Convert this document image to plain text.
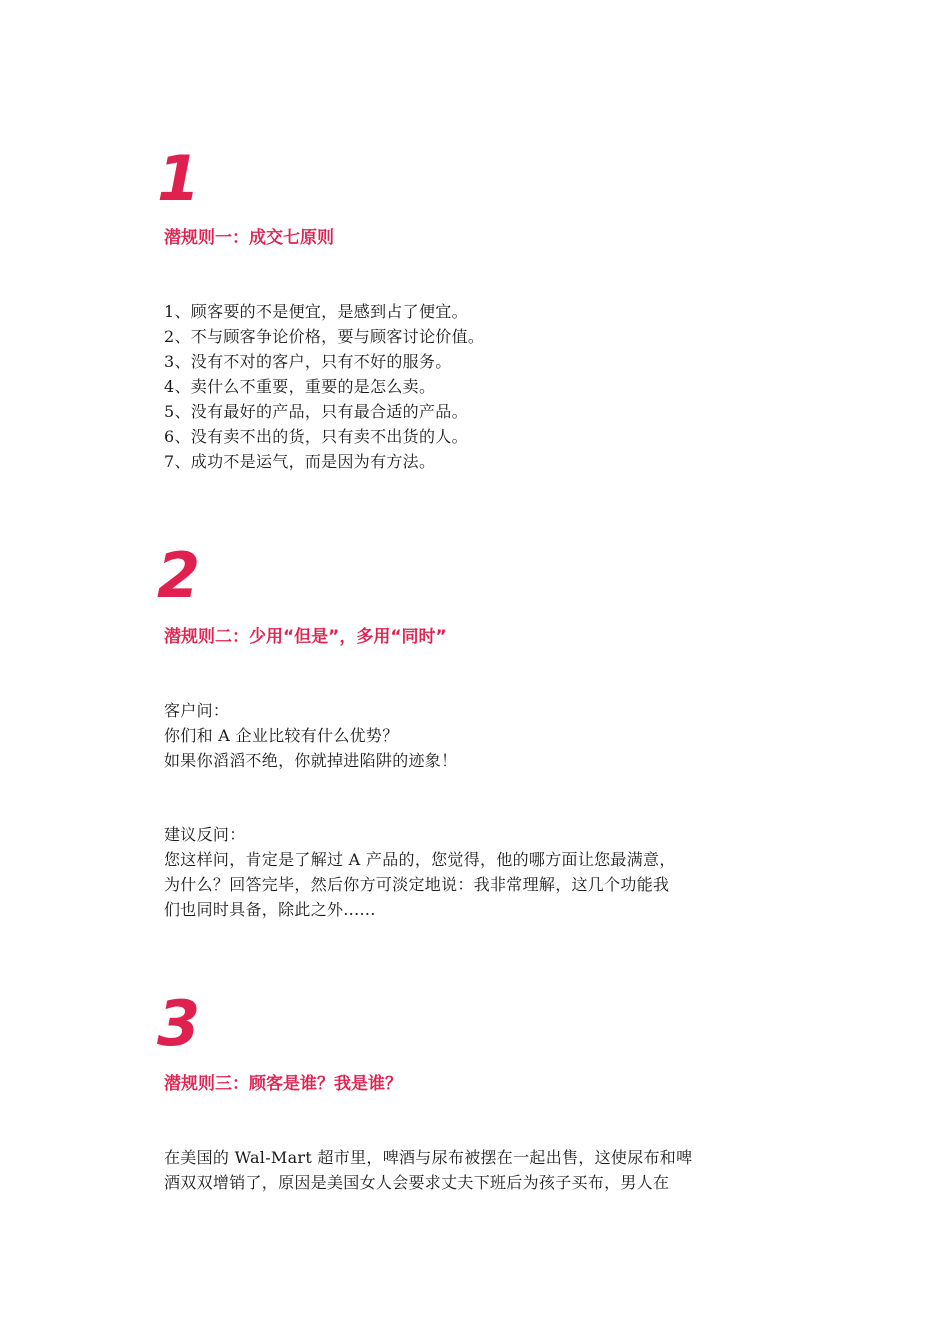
1
潜规则一：成交七原则
1、顾客要的不是便宜，是感到占了便宜。
2、不与顾客争论价格，要与顾客讨论价值。
3、没有不对的客户，只有不好的服务。
4、卖什么不重要，重要的是怎么卖。
5、没有最好的产品，只有最合适的产品。
6、没有卖不出的货，只有卖不出货的人。
7、成功不是运气，而是因为有方法。
2
潜规则二：少用“但是”，多用“同时”
客户问：
你们和 A 企业比较有什么优势？
如果你滔滔不绝，你就掉进陷阱的迹象！
建议反问：
您这样问，肯定是了解过 A 产品的，您觉得，他的哪方面让您最满意，
为什么？回答完毕，然后你方可淡定地说：我非常理解，这几个功能我
们也同时具备，除此之外......
3
潜规则三：顾客是谁？我是谁？
在美国的 Wal-Mart 超市里，啤酒与尿布被摆在一起出售，这使尿布和啤
酒双双增销了，原因是美国女人会要求丈夫下班后为孩子买布，男人在
